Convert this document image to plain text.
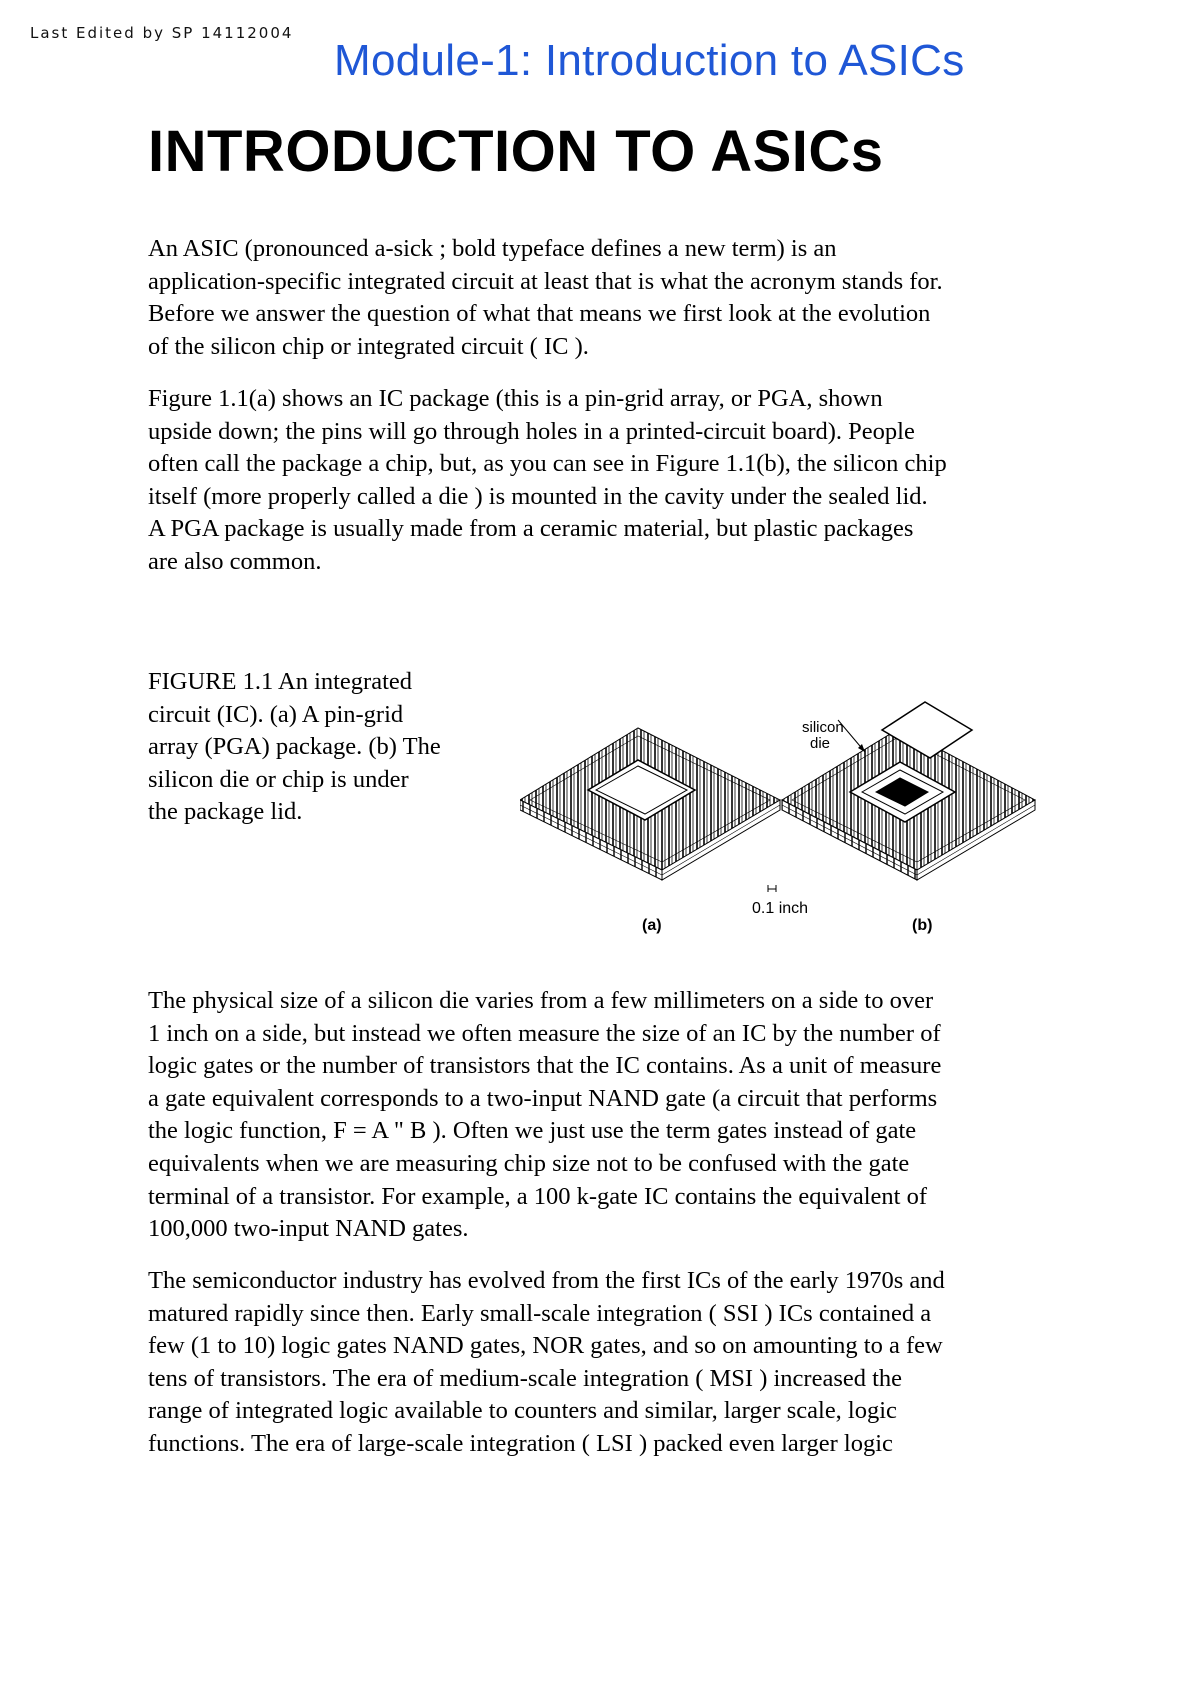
Last Edited by SP 14112004
Module-1: Introduction to ASICs
INTRODUCTION TO ASICs
An ASIC (pronounced a-sick ; bold typeface defines a new term) is an
application-specific integrated circuit at least that is what the acronym stands for.
Before we answer the question of what that means we first look at the evolution
of the silicon chip or integrated circuit ( IC ).
Figure 1.1(a) shows an IC package (this is a pin-grid array, or PGA, shown
upside down; the pins will go through holes in a printed-circuit board). People
often call the package a chip, but, as you can see in Figure 1.1(b), the silicon chip
itself (more properly called a die ) is mounted in the cavity under the sealed lid.
A PGA package is usually made from a ceramic material, but plastic packages
are also common.
FIGURE 1.1 An integrated
circuit (IC). (a) A pin-grid
array (PGA) package. (b) The
silicon die or chip is under
the package lid.
silicon
die
0.1 inch
(a)	(b)
The physical size of a silicon die varies from a few millimeters on a side to over
1 inch on a side, but instead we often measure the size of an IC by the number of
logic gates or the number of transistors that the IC contains. As a unit of measure
a gate equivalent corresponds to a two-input NAND gate (a circuit that performs
the logic function, F = A " B ). Often we just use the term gates instead of gate
equivalents when we are measuring chip size not to be confused with the gate
terminal of a transistor. For example, a 100 k-gate IC contains the equivalent of
100,000 two-input NAND gates.
The semiconductor industry has evolved from the first ICs of the early 1970s and
matured rapidly since then. Early small-scale integration ( SSI ) ICs contained a
few (1 to 10) logic gates NAND gates, NOR gates, and so on amounting to a few
tens of transistors. The era of medium-scale integration ( MSI ) increased the
range of integrated logic available to counters and similar, larger scale, logic
functions. The era of large-scale integration ( LSI ) packed even larger logic
